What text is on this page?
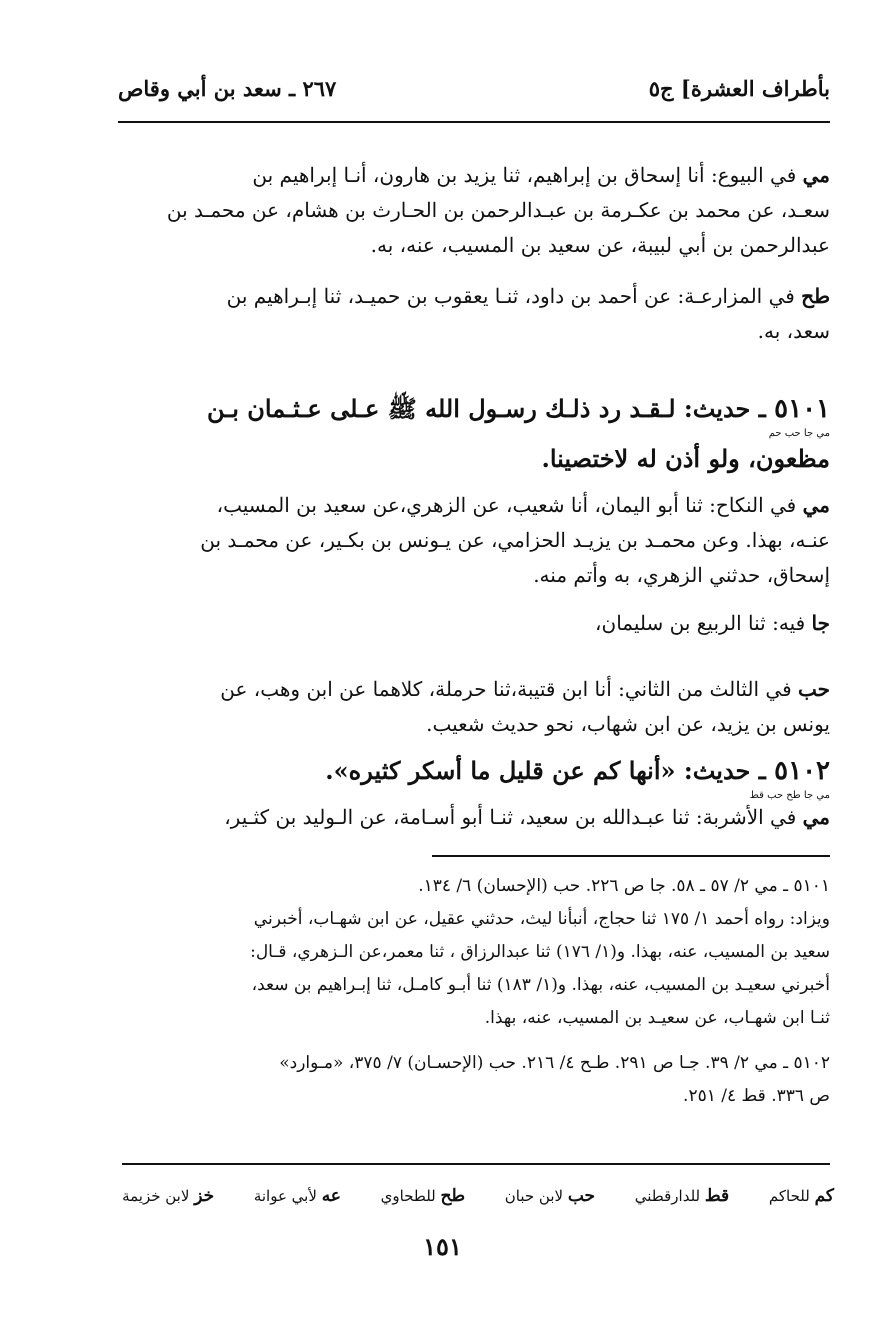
٢٦٧ ـ سعد بن أبي وقاص	بأطراف العشرة] ج٥
مي في البيوع: أنا إسحاق بن إبراهيم، ثنا يزيد بن هارون، أنـا إبراهيم بن
سعـد، عن محمد بن عكـرمة بن عبـدالرحمن بن الحـارث بن هشام، عن محمـد بن
عبدالرحمن بن أبي لبيبة، عن سعيد بن المسيب، عنه، به.
طح في المزارعـة: عن أحمد بن داود، ثنـا يعقوب بن حميـد، ثنا إبـراهيم بن
سعد، به.
٥١٠١ ـ حديث: لـقـد رد ذلـك رسـول الله ﷺ عـلى عـثـمان بـن
مي جا حب حم
مظعون، ولو أذن له لاختصينا.
مي في النكاح: ثنا أبو اليمان، أنا شعيب، عن الزهري،عن سعيد بن المسيب،
عنـه، بهذا. وعن محمـد بن يزيـد الحزامي، عن يـونس بن بكـير، عن محمـد بن
إسحاق، حدثني الزهري، به وأتم منه.
جا فيه: ثنا الربيع بن سليمان،
حب في الثالث من الثاني: أنا ابن قتيبة،ثنا حرملة، كلاهما عن ابن وهب، عن
يونس بن يزيد، عن ابن شهاب، نحو حديث شعيب.
٥١٠٢ ـ حديث: «أنها كم عن قليل ما أسكر كثيره».
مي جا طح حب قط
مي في الأشربة: ثنا عبـدالله بن سعيد، ثنـا أبو أسـامة، عن الـوليد بن كثـير،
٥١٠١ ـ مي ٢/ ٥٧ ـ ٥٨. جا ص ٢٢٦. حب (الإحسان) ٦/ ١٣٤.
ويزاد: رواه أحمد ١/ ١٧٥ ثنا حجاج، أنبأنا ليث، حدثني عقيل، عن ابن شهـاب، أخبرني
سعيد بن المسيب، عنه، بهذا. و(١/ ١٧٦) ثنا عبدالرزاق ، ثنا معمر،عن الـزهري، قـال:
أخبرني سعيـد بن المسيب، عنه، بهذا. و(١/ ١٨٣) ثنا أبـو كامـل، ثنا إبـراهيم بن سعد،
ثنـا ابن شهـاب، عن سعيـد بن المسيب، عنه، بهذا.
٥١٠٢ ـ مي ٢/ ٣٩. جـا ص ٢٩١. طـح ٤/ ٢١٦. حب (الإحسـان) ٧/ ٣٧٥، «مـوارد»
ص ٣٣٦. قط ٤/ ٢٥١.
خز لابن خزيمة	عه لأبي عوانة	طح للطحاوي	حب لابن حبان	قط للدارقطني	كم للحاكم
١٥١
